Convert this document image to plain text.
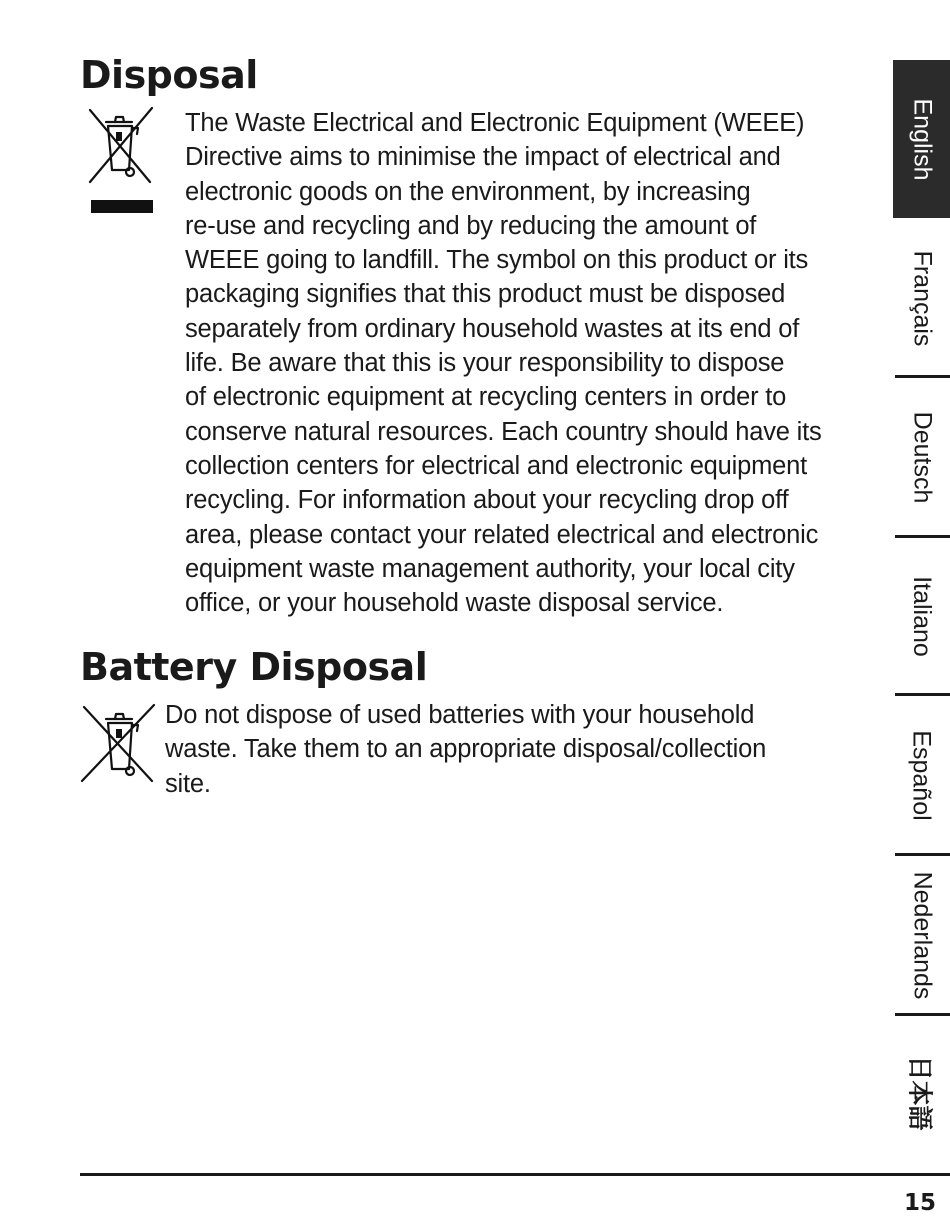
Disposal
The Waste Electrical and Electronic Equipment (WEEE)
Directive aims to minimise the impact of electrical and
electronic goods on the environment, by increasing
re-use and recycling and by reducing the amount of
WEEE going to landfill. The symbol on this product or its
packaging signifies that this product must be disposed
separately from ordinary household wastes at its end of
life. Be aware that this is your responsibility to dispose
of electronic equipment at recycling centers in order to
conserve natural resources. Each country should have its
collection centers for electrical and electronic equipment
recycling. For information about your recycling drop off
area, please contact your related electrical and electronic
equipment waste management authority, your local city
office, or your household waste disposal service.
Battery Disposal
Do not dispose of used batteries with your household
waste. Take them to an appropriate disposal/collection
site.
English
Français
Deutsch
Italiano
Español
Nederlands
日本語
15
